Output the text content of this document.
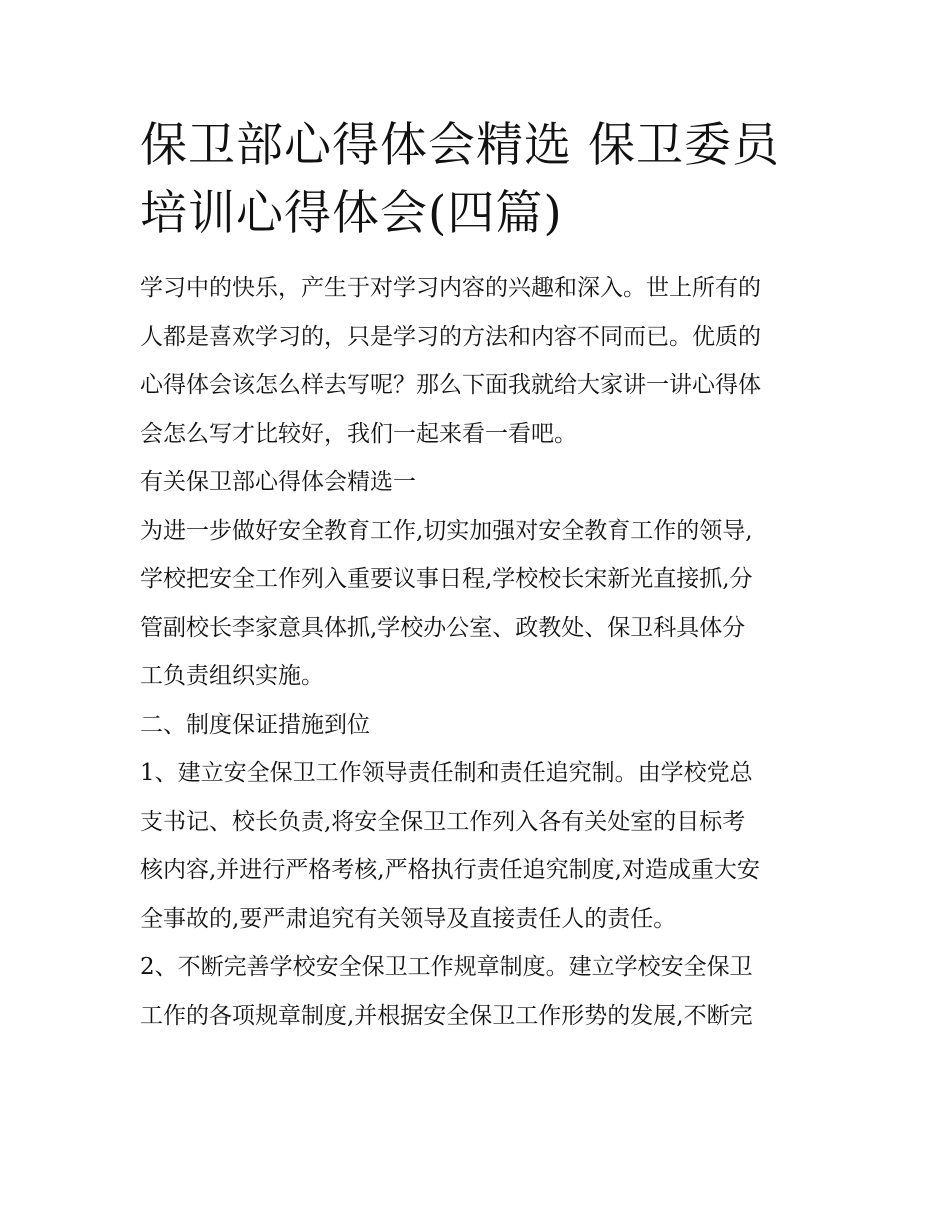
保卫部心得体会精选 保卫委员
培训心得体会(四篇)

学习中的快乐，产生于对学习内容的兴趣和深入。世上所有的
人都是喜欢学习的，只是学习的方法和内容不同而已。优质的
心得体会该怎么样去写呢？那么下面我就给大家讲一讲心得体
会怎么写才比较好，我们一起来看一看吧。

有关保卫部心得体会精选一

为进一步做好安全教育工作,切实加强对安全教育工作的领导,
学校把安全工作列入重要议事日程,学校校长宋新光直接抓,分
管副校长李家意具体抓,学校办公室、政教处、保卫科具体分
工负责组织实施。

二、制度保证措施到位

1、建立安全保卫工作领导责任制和责任追究制。由学校党总
支书记、校长负责,将安全保卫工作列入各有关处室的目标考
核内容,并进行严格考核,严格执行责任追究制度,对造成重大安
全事故的,要严肃追究有关领导及直接责任人的责任。

2、不断完善学校安全保卫工作规章制度。建立学校安全保卫
工作的各项规章制度,并根据安全保卫工作形势的发展,不断完
